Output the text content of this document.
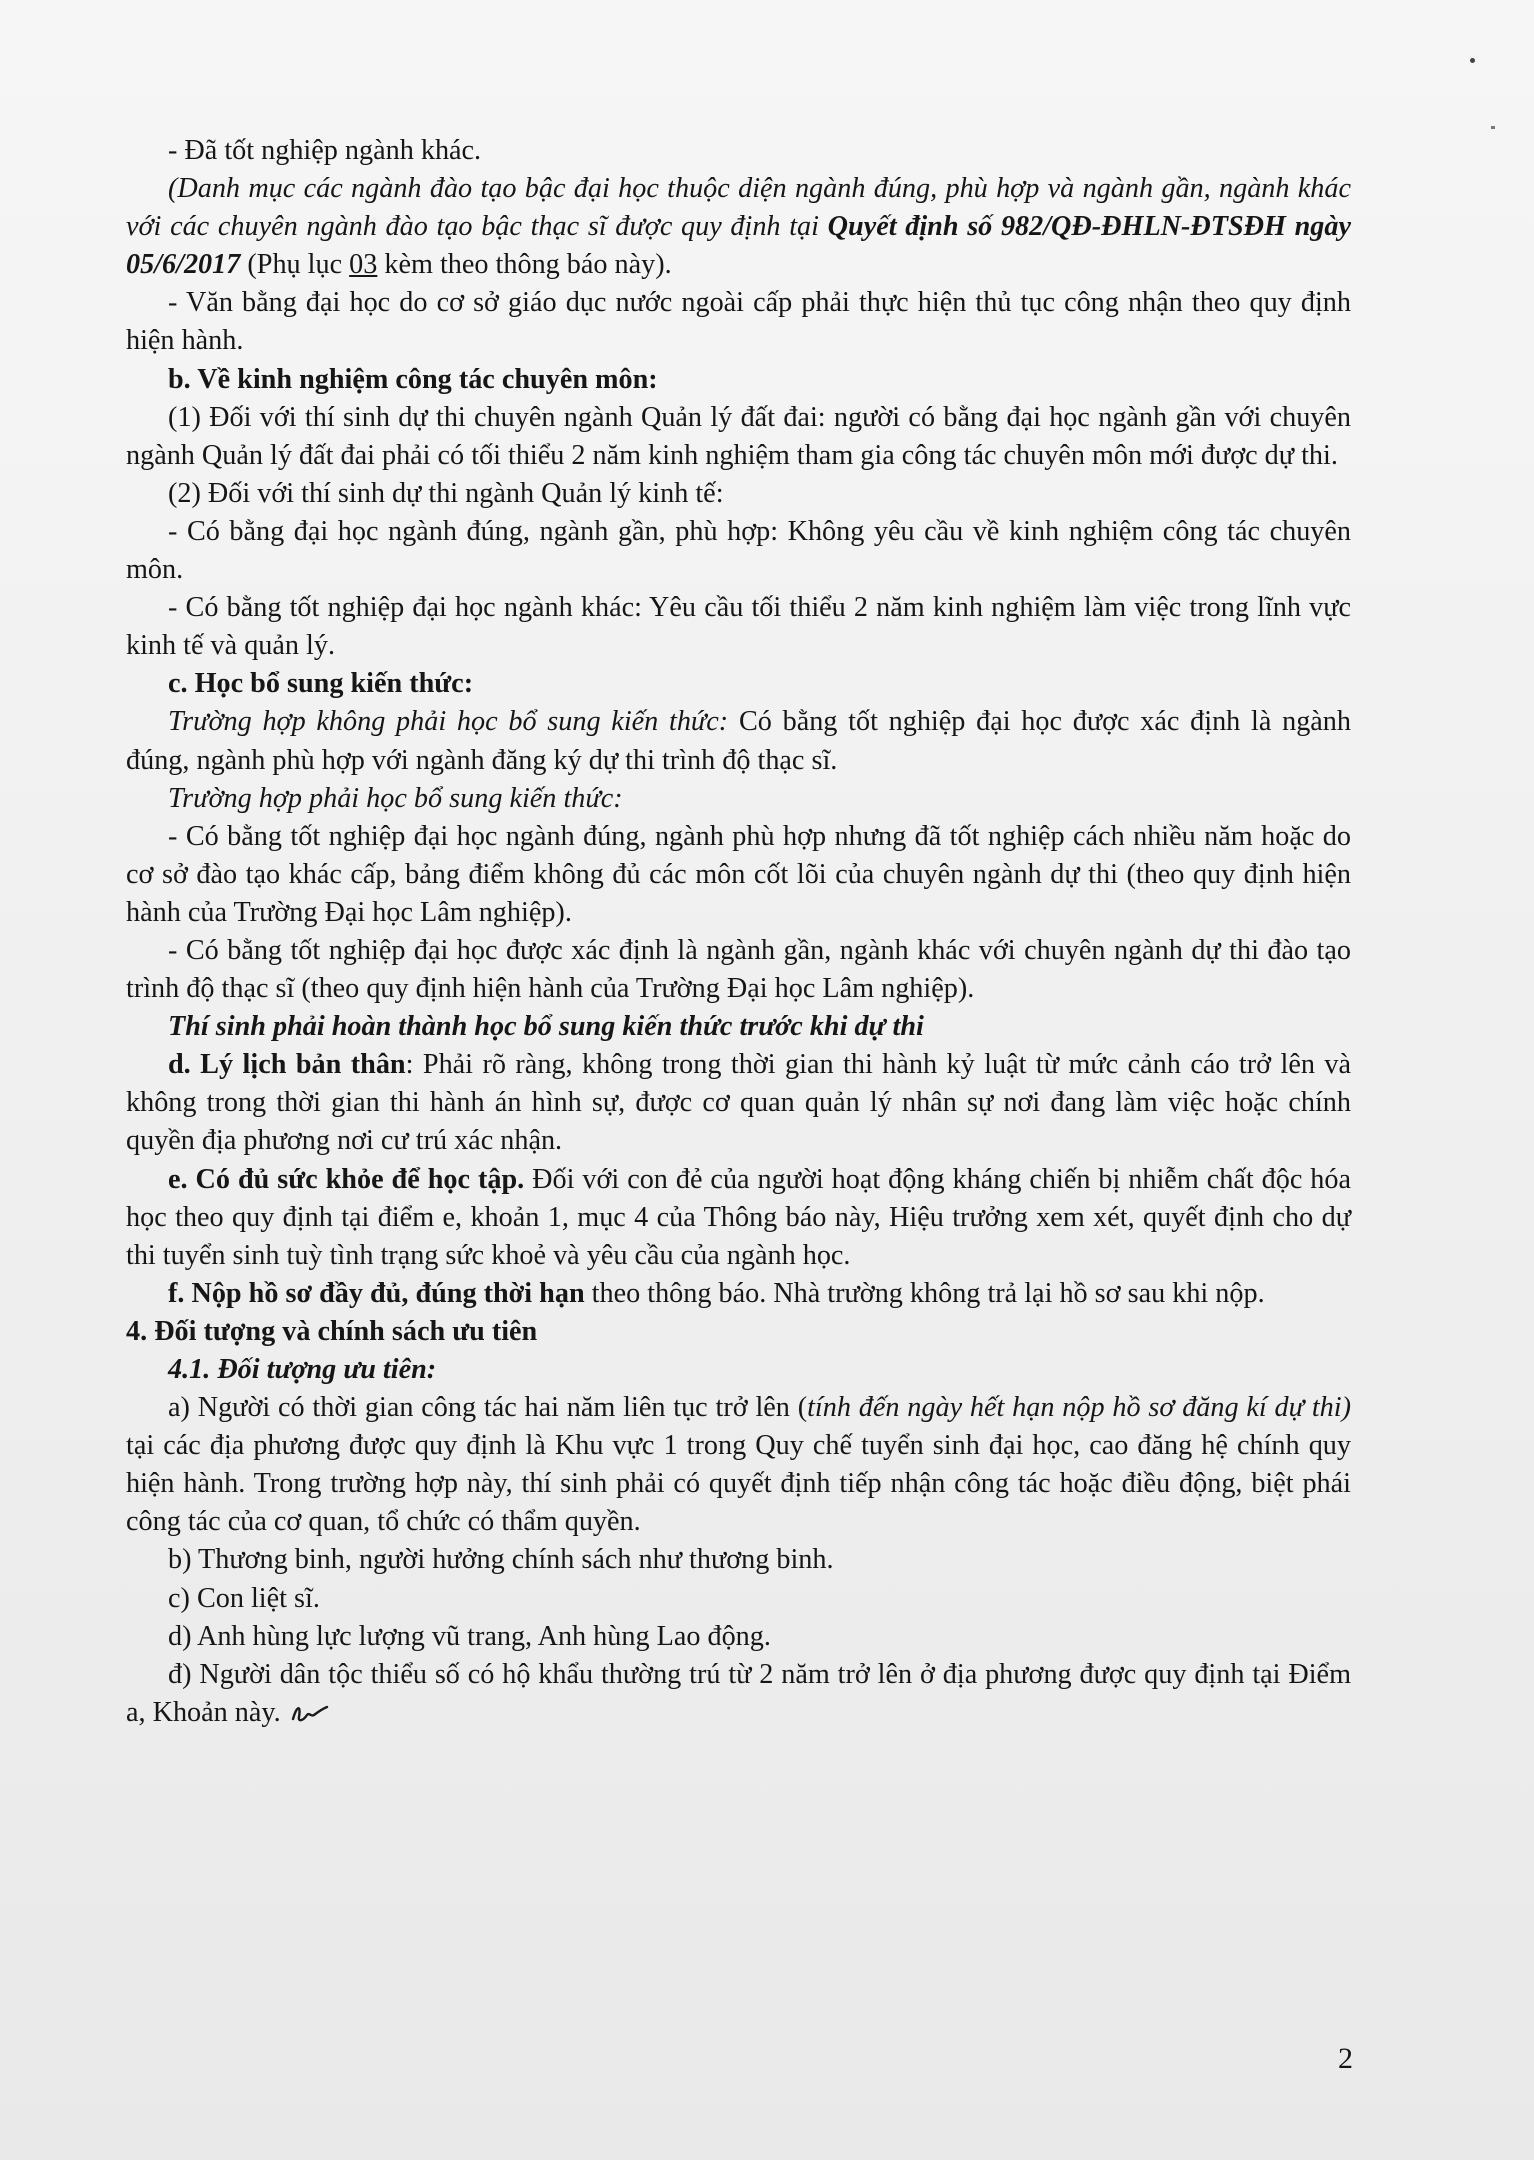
- Đã tốt nghiệp ngành khác.

(Danh mục các ngành đào tạo bậc đại học thuộc diện ngành đúng, phù hợp và ngành gần, ngành khác với các chuyên ngành đào tạo bậc thạc sĩ được quy định tại Quyết định số 982/QĐ-ĐHLN-ĐTSĐH ngày 05/6/2017 (Phụ lục 03 kèm theo thông báo này).

- Văn bằng đại học do cơ sở giáo dục nước ngoài cấp phải thực hiện thủ tục công nhận theo quy định hiện hành.

b. Về kinh nghiệm công tác chuyên môn:

(1) Đối với thí sinh dự thi chuyên ngành Quản lý đất đai: người có bằng đại học ngành gần với chuyên ngành Quản lý đất đai phải có tối thiểu 2 năm kinh nghiệm tham gia công tác chuyên môn mới được dự thi.

(2) Đối với thí sinh dự thi ngành Quản lý kinh tế:

- Có bằng đại học ngành đúng, ngành gần, phù hợp: Không yêu cầu về kinh nghiệm công tác chuyên môn.

- Có bằng tốt nghiệp đại học ngành khác: Yêu cầu tối thiểu 2 năm kinh nghiệm làm việc trong lĩnh vực kinh tế và quản lý.

c. Học bổ sung kiến thức:

Trường hợp không phải học bổ sung kiến thức: Có bằng tốt nghiệp đại học được xác định là ngành đúng, ngành phù hợp với ngành đăng ký dự thi trình độ thạc sĩ.

Trường hợp phải học bổ sung kiến thức:

- Có bằng tốt nghiệp đại học ngành đúng, ngành phù hợp nhưng đã tốt nghiệp cách nhiều năm hoặc do cơ sở đào tạo khác cấp, bảng điểm không đủ các môn cốt lõi của chuyên ngành dự thi (theo quy định hiện hành của Trường Đại học Lâm nghiệp).

- Có bằng tốt nghiệp đại học được xác định là ngành gần, ngành khác với chuyên ngành dự thi đào tạo trình độ thạc sĩ (theo quy định hiện hành của Trường Đại học Lâm nghiệp).

Thí sinh phải hoàn thành học bổ sung kiến thức trước khi dự thi

d. Lý lịch bản thân: Phải rõ ràng, không trong thời gian thi hành kỷ luật từ mức cảnh cáo trở lên và không trong thời gian thi hành án hình sự, được cơ quan quản lý nhân sự nơi đang làm việc hoặc chính quyền địa phương nơi cư trú xác nhận.

e. Có đủ sức khỏe để học tập. Đối với con đẻ của người hoạt động kháng chiến bị nhiễm chất độc hóa học theo quy định tại điểm e, khoản 1, mục 4 của Thông báo này, Hiệu trưởng xem xét, quyết định cho dự thi tuyển sinh tuỳ tình trạng sức khoẻ và yêu cầu của ngành học.

f. Nộp hồ sơ đầy đủ, đúng thời hạn theo thông báo. Nhà trường không trả lại hồ sơ sau khi nộp.

4. Đối tượng và chính sách ưu tiên

4.1. Đối tượng ưu tiên:

a) Người có thời gian công tác hai năm liên tục trở lên (tính đến ngày hết hạn nộp hồ sơ đăng kí dự thi) tại các địa phương được quy định là Khu vực 1 trong Quy chế tuyển sinh đại học, cao đăng hệ chính quy hiện hành. Trong trường hợp này, thí sinh phải có quyết định tiếp nhận công tác hoặc điều động, biệt phái công tác của cơ quan, tổ chức có thẩm quyền.

b) Thương binh, người hưởng chính sách như thương binh.

c) Con liệt sĩ.

d) Anh hùng lực lượng vũ trang, Anh hùng Lao động.

đ) Người dân tộc thiểu số có hộ khẩu thường trú từ 2 năm trở lên ở địa phương được quy định tại Điểm a, Khoản này.

2
